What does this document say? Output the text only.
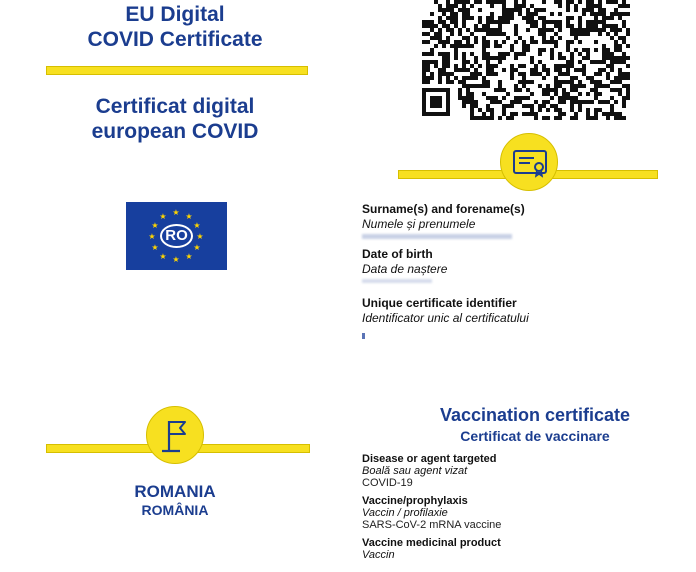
EU Digital
COVID Certificate
Certificat digital
european COVID
★ ★
★
★
★
★
★
★
★
★
★
★
RO
ROMANIA
ROMÂNIA
Surname(s) and forename(s)
Numele și prenumele
Date of birth
Data de naștere
Unique certificate identifier
Identificator unic al certificatului
Vaccination certificate
Certificat de vaccinare
Disease or agent targeted
Boală sau agent vizat
COVID-19
Vaccine/prophylaxis
Vaccin / profilaxie
SARS-CoV-2 mRNA vaccine
Vaccine medicinal product
Vaccin
